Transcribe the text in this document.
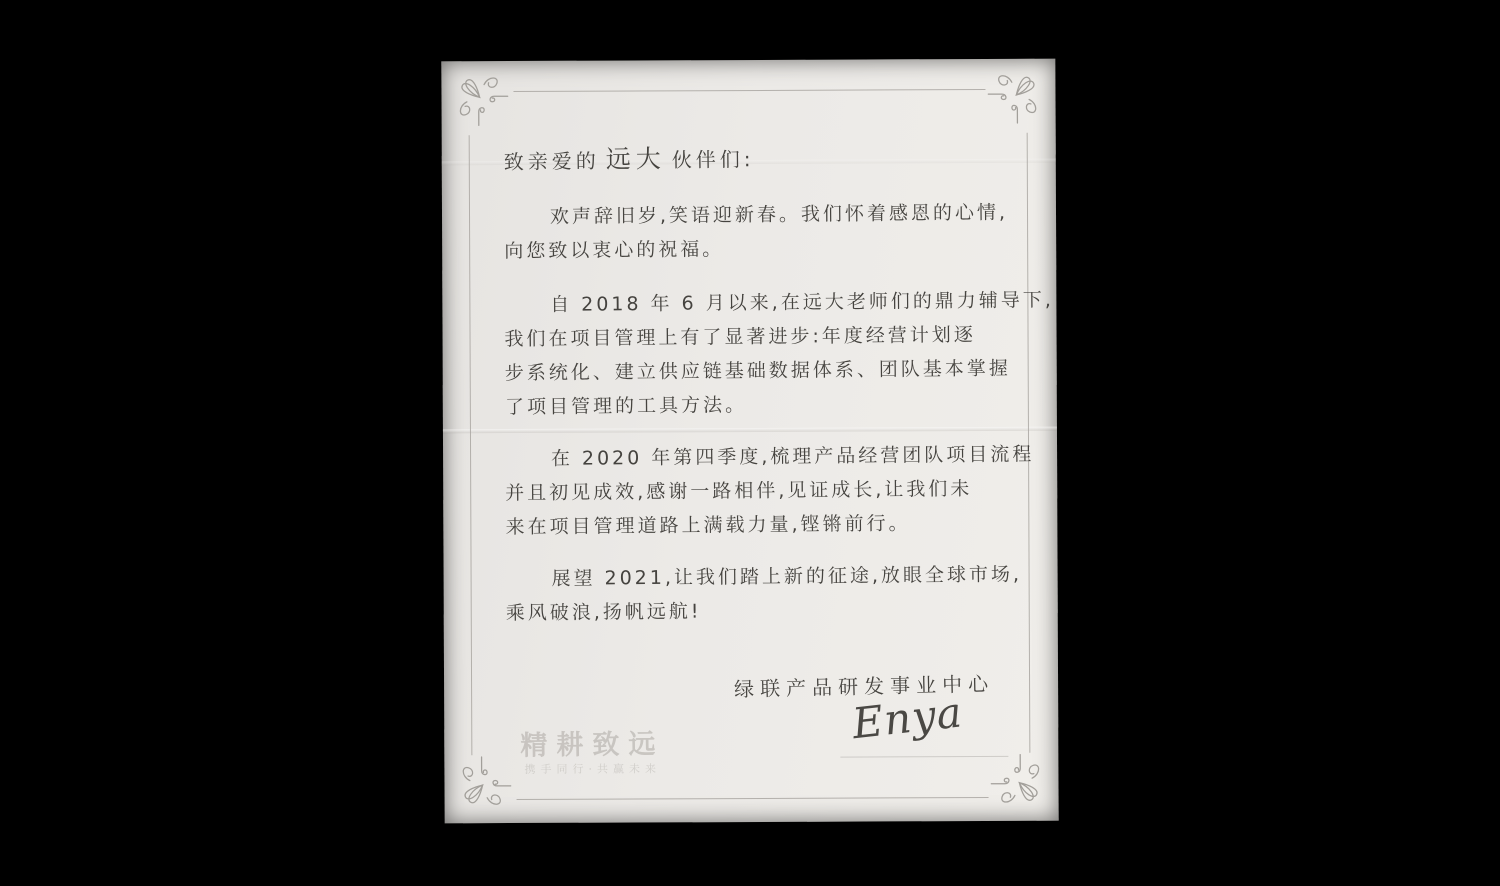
致亲爱的 远大 伙伴们:
欢声辞旧岁,笑语迎新春。我们怀着感恩的心情,
向您致以衷心的祝福。
自 2018 年 6 月以来,在远大老师们的鼎力辅导下,
我们在项目管理上有了显著进步:年度经营计划逐
步系统化、建立供应链基础数据体系、团队基本掌握
了项目管理的工具方法。
在 2020 年第四季度,梳理产品经营团队项目流程
并且初见成效,感谢一路相伴,见证成长,让我们未
来在项目管理道路上满载力量,铿锵前行。
展望 2021,让我们踏上新的征途,放眼全球市场,
乘风破浪,扬帆远航!
绿联产品研发事业中心
Enya
精耕致远
携手同行·共赢未来
